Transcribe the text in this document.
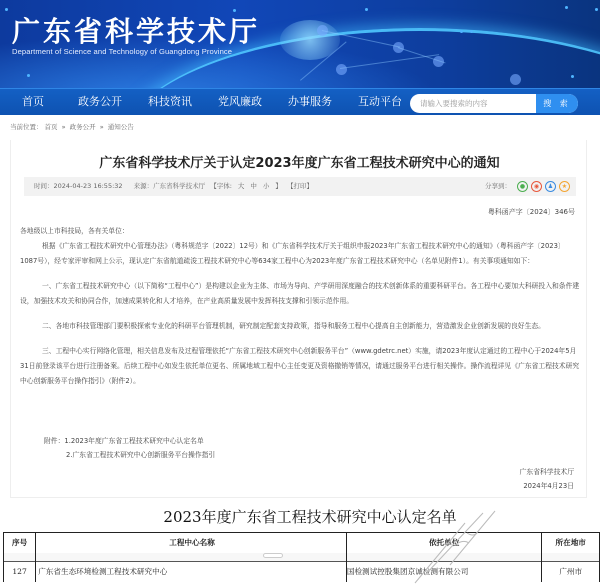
广东省科学技术厅
Department of Science and Technology of Guangdong Province
首页	政务公开 科技资讯 党风廉政 办事服务 互动平台
请输入要搜索的内容	搜 索
当前位置： 首页 » 政务公开 » 通知公告
广东省科学技术厅关于认定2023年度广东省工程技术研究中心的通知
时间：2024-04-23 16:55:32 来源：广东省科学技术厅 【字体: 大 中 小 】 【打印】	分享到：	●	◉	♟	★
粤科函产字〔2024〕346号

各地级以上市科技局，各有关单位：

根据《广东省工程技术研究中心管理办法》（粤科规范字〔2022〕12号）和《广东省科学技术厅关于组织申报2023年广东省工程技术研究中心的通知》（粤科函产字〔2023〕1087号），经专家评审和网上公示，现认定广东省航道疏浚工程技术研究中心等634家工程中心为2023年度广东省工程技术研究中心（名单见附件1）。有关事项通知如下：

一、广东省工程技术研究中心（以下简称“工程中心”）是构建以企业为主体、市场为导向、产学研用深度融合的技术创新体系的重要科研平台。各工程中心要加大科研投入和条件建设，加强技术攻关和协同合作，加速成果转化和人才培养，在产业高质量发展中发挥科技支撑和引领示范作用。

二、各地市科技管理部门要积极探索专业化的科研平台管理机制，研究制定配套支持政策，指导和服务工程中心提高自主创新能力，营造激发企业创新发展的良好生态。

三、工程中心实行网络化管理，相关信息发布及过程管理依托“广东省工程技术研究中心创新服务平台”（www.gdetrc.net）实施，请2023年度认定通过的工程中心于2024年5月31日前登录该平台进行注册备案。后续工程中心如发生依托单位更名、所属地域工程中心主任变更及资格撤销等情况，请通过服务平台进行相关操作。操作流程详见《广东省工程技术研究中心创新服务平台操作指引》（附件2）。

附件：1.2023年度广东省工程技术研究中心认定名单
2.广东省工程技术研究中心创新服务平台操作指引
广东省科学技术厅
2024年4月23日
2023年度广东省工程技术研究中心认定名单
序号	工程中心名称	依托单位	所在地市

127	广东省生态环境检测工程技术研究中心	国检测试控股集团京诚检测有限公司	广州市
